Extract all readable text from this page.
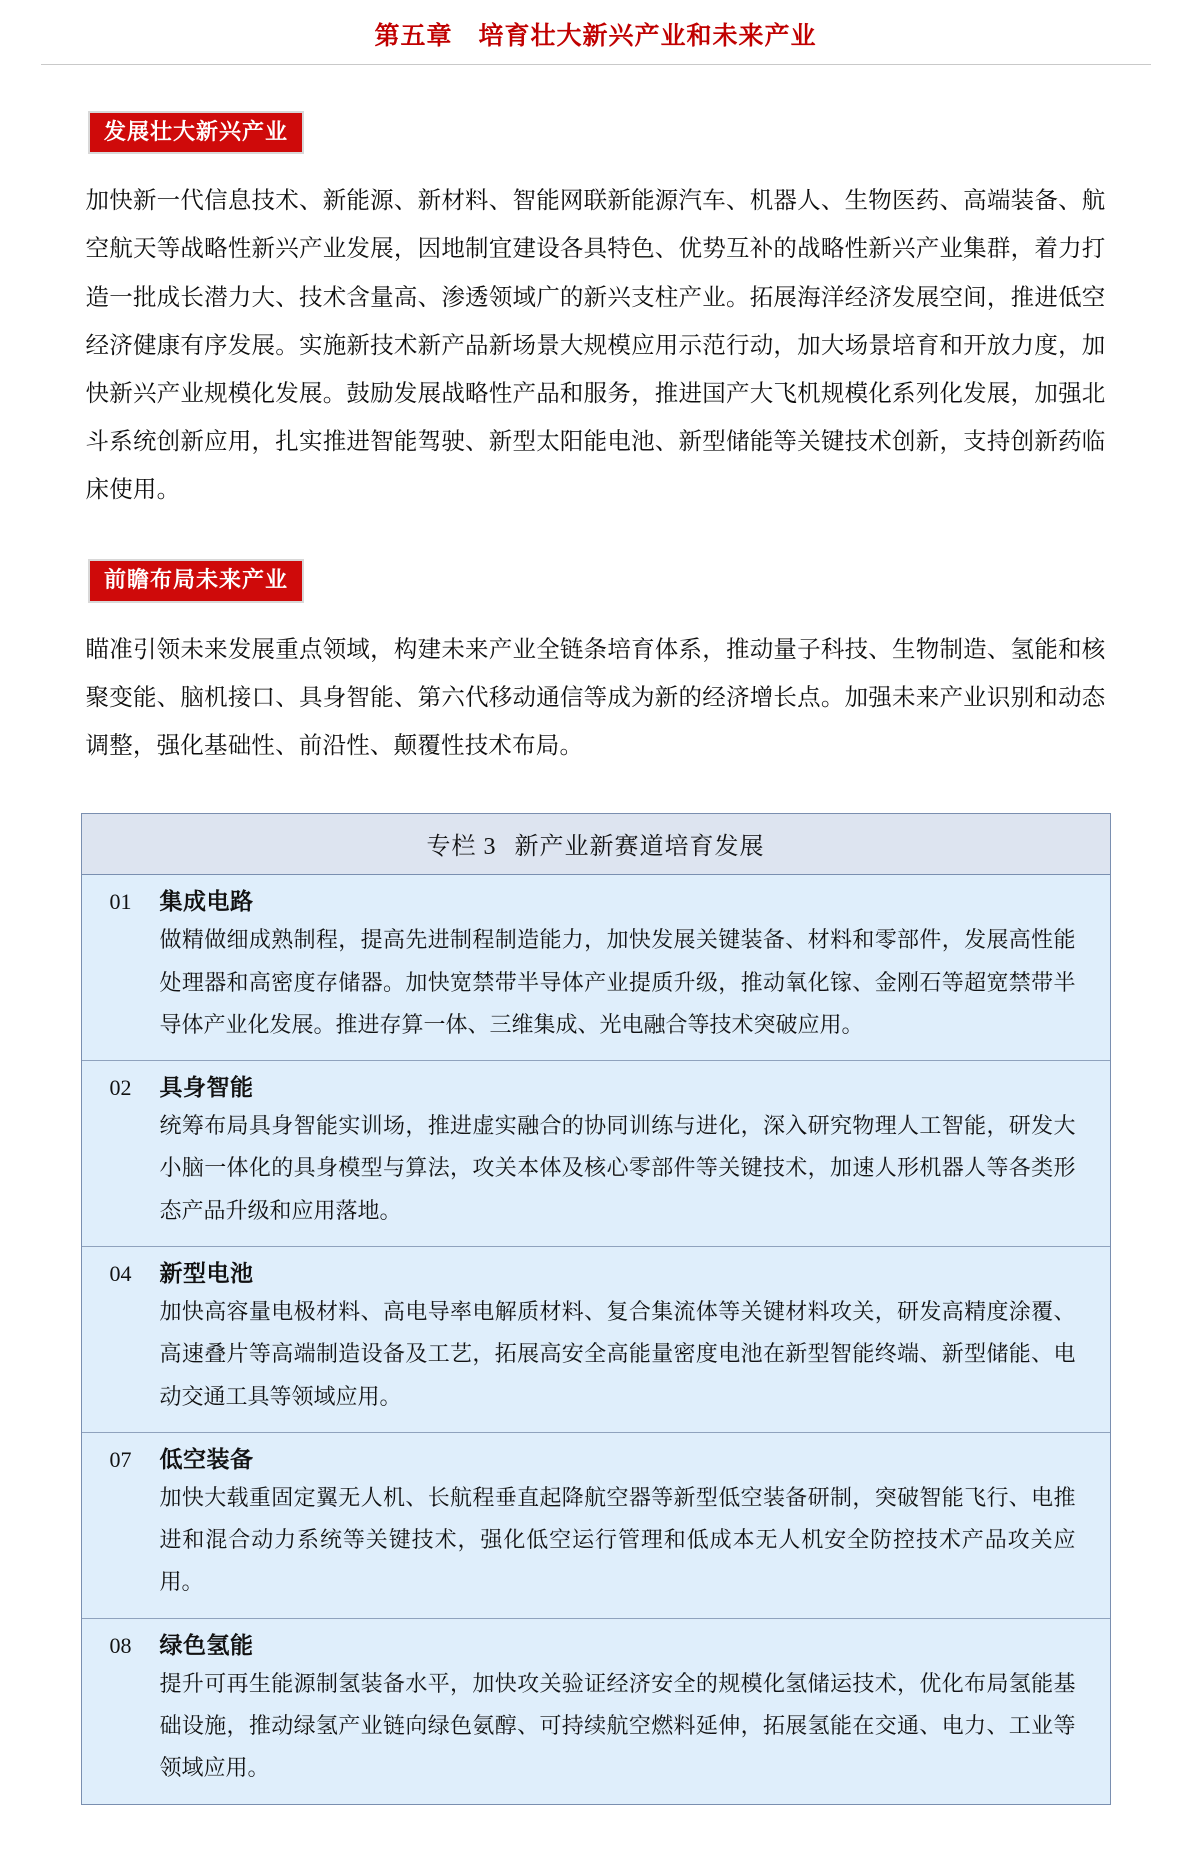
第五章　培育壮大新兴产业和未来产业
发展壮大新兴产业

加快新一代信息技术、新能源、新材料、智能网联新能源汽车、机器人、生物医药、高端装备、航空航天等战略性新兴产业发展，因地制宜建设各具特色、优势互补的战略性新兴产业集群，着力打造一批成长潜力大、技术含量高、渗透领域广的新兴支柱产业。拓展海洋经济发展空间，推进低空经济健康有序发展。实施新技术新产品新场景大规模应用示范行动，加大场景培育和开放力度，加快新兴产业规模化发展。鼓励发展战略性产品和服务，推进国产大飞机规模化系列化发展，加强北斗系统创新应用，扎实推进智能驾驶、新型太阳能电池、新型储能等关键技术创新，支持创新药临床使用。

前瞻布局未来产业

瞄准引领未来发展重点领域，构建未来产业全链条培育体系，推动量子科技、生物制造、氢能和核聚变能、脑机接口、具身智能、第六代移动通信等成为新的经济增长点。加强未来产业识别和动态调整，强化基础性、前沿性、颠覆性技术布局。

专栏 3 新产业新赛道培育发展
01	集成电路
做精做细成熟制程，提高先进制程制造能力，加快发展关键装备、材料和零部件，发展高性能处理器和高密度存储器。加快宽禁带半导体产业提质升级，推动氧化镓、金刚石等超宽禁带半导体产业化发展。推进存算一体、三维集成、光电融合等技术突破应用。
02	具身智能
统筹布局具身智能实训场，推进虚实融合的协同训练与进化，深入研究物理人工智能，研发大小脑一体化的具身模型与算法，攻关本体及核心零部件等关键技术，加速人形机器人等各类形态产品升级和应用落地。
04	新型电池
加快高容量电极材料、高电导率电解质材料、复合集流体等关键材料攻关，研发高精度涂覆、高速叠片等高端制造设备及工艺，拓展高安全高能量密度电池在新型智能终端、新型储能、电动交通工具等领域应用。
07	低空装备
加快大载重固定翼无人机、长航程垂直起降航空器等新型低空装备研制，突破智能飞行、电推进和混合动力系统等关键技术，强化低空运行管理和低成本无人机安全防控技术产品攻关应用。
08	绿色氢能
提升可再生能源制氢装备水平，加快攻关验证经济安全的规模化氢储运技术，优化布局氢能基础设施，推动绿氢产业链向绿色氨醇、可持续航空燃料延伸，拓展氢能在交通、电力、工业等领域应用。
